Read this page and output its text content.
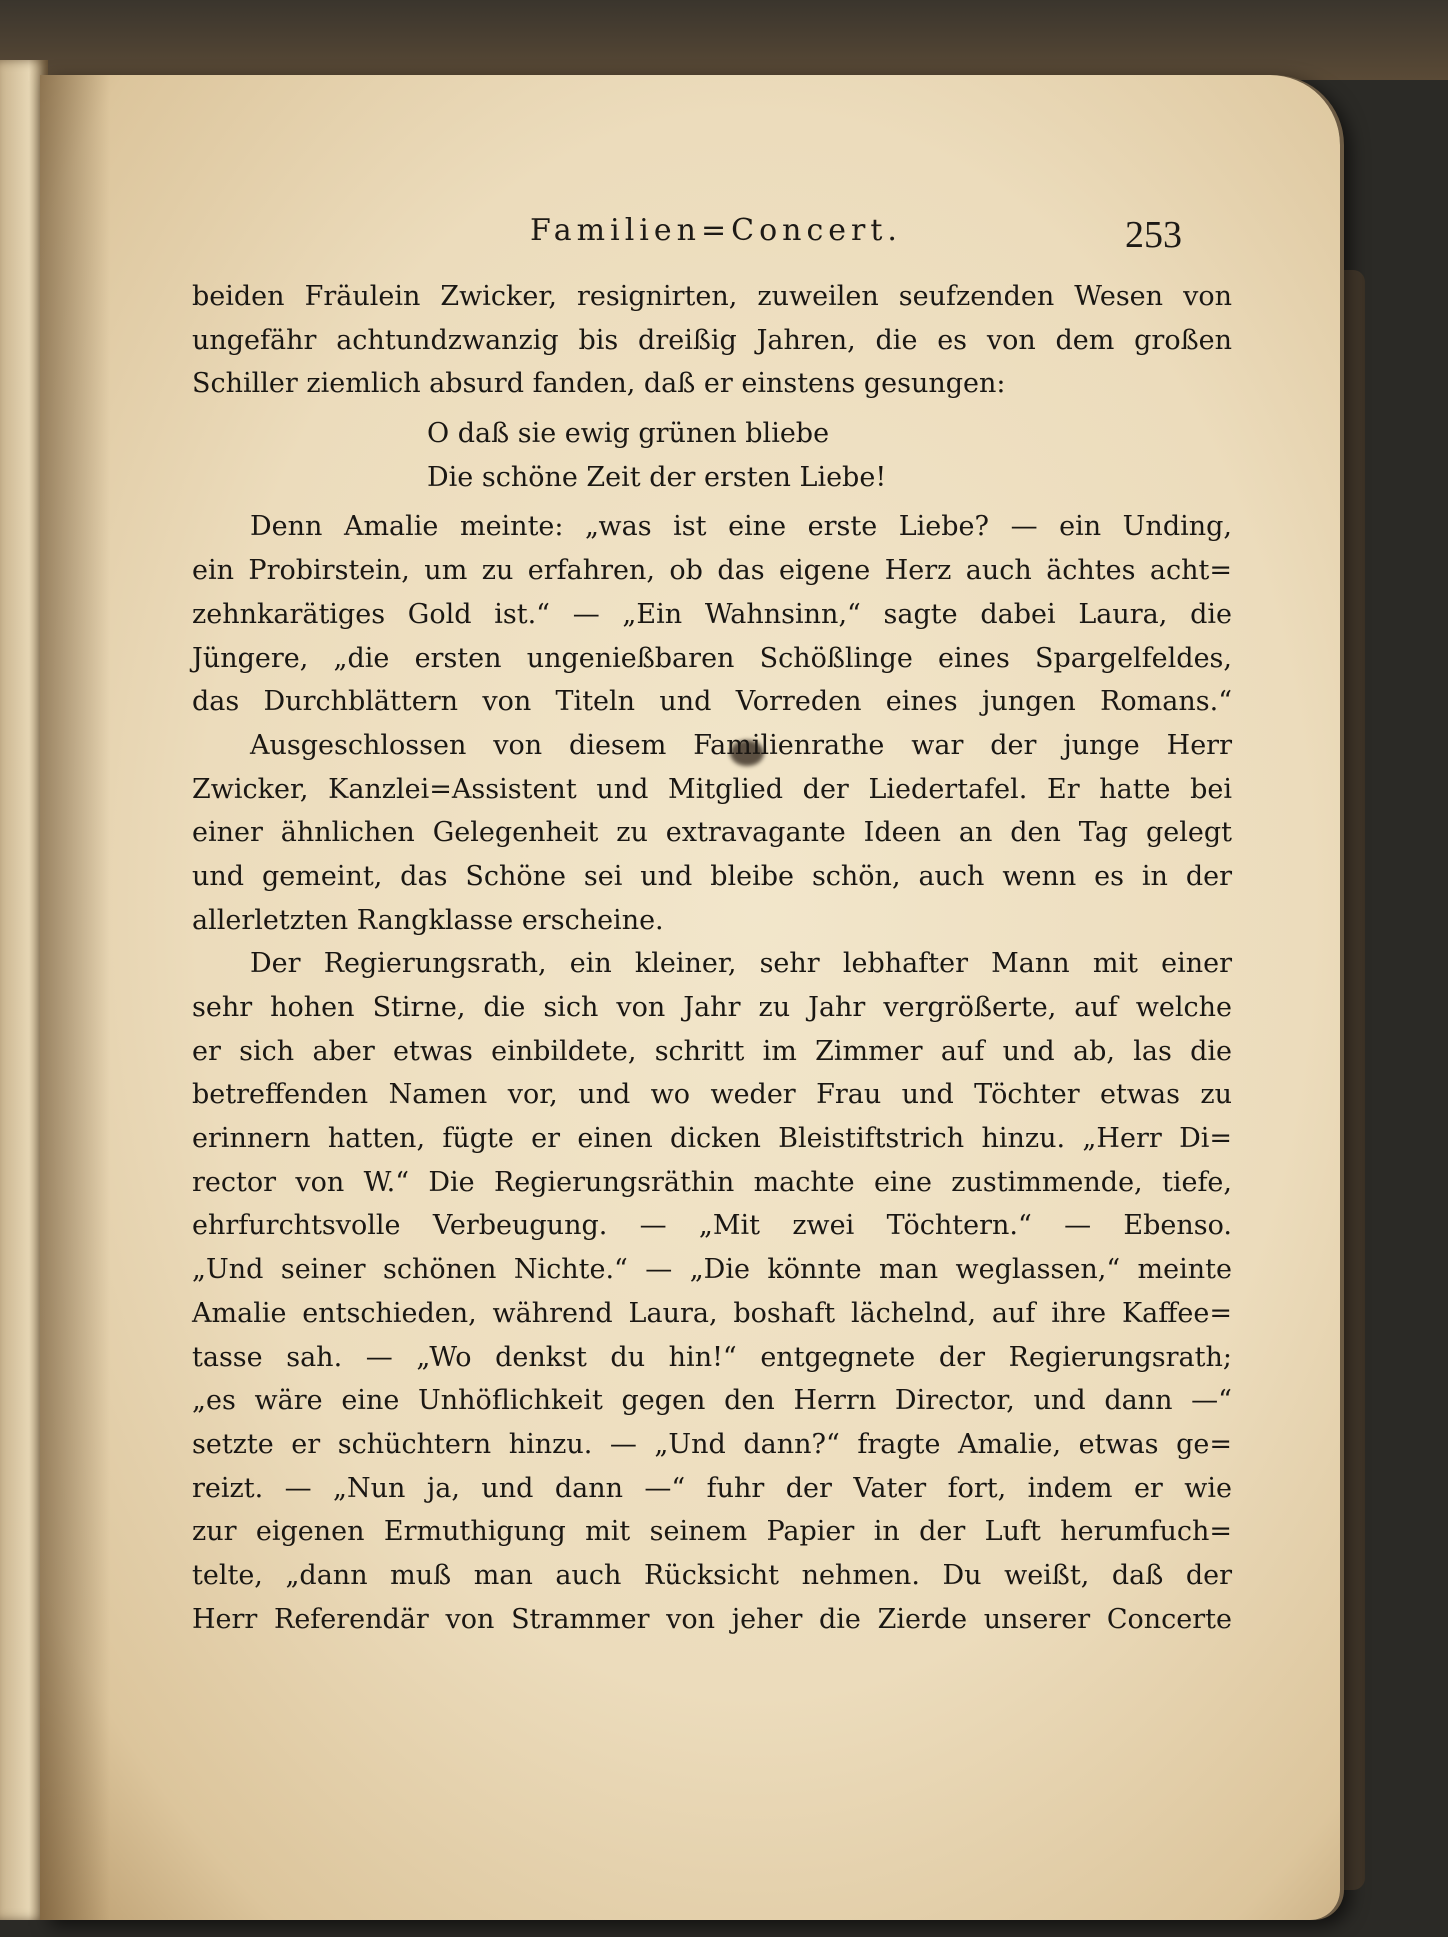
Familien=Concert.	253
beiden Fräulein Zwicker, resignirten, zuweilen seufzenden Wesen von
ungefähr achtundzwanzig bis dreißig Jahren, die es von dem großen
Schiller ziemlich absurd fanden, daß er einstens gesungen:
O daß sie ewig grünen bliebe
Die schöne Zeit der ersten Liebe!
Denn Amalie meinte: „was ist eine erste Liebe? — ein Unding,
ein Probirstein, um zu erfahren, ob das eigene Herz auch ächtes acht=
zehnkarätiges Gold ist.“ — „Ein Wahnsinn,“ sagte dabei Laura, die
Jüngere, „die ersten ungenießbaren Schößlinge eines Spargelfeldes,
das Durchblättern von Titeln und Vorreden eines jungen Romans.“
Ausgeschlossen von diesem Familienrathe war der junge Herr
Zwicker, Kanzlei=Assistent und Mitglied der Liedertafel. Er hatte bei
einer ähnlichen Gelegenheit zu extravagante Ideen an den Tag gelegt
und gemeint, das Schöne sei und bleibe schön, auch wenn es in der
allerletzten Rangklasse erscheine.
Der Regierungsrath, ein kleiner, sehr lebhafter Mann mit einer
sehr hohen Stirne, die sich von Jahr zu Jahr vergrößerte, auf welche
er sich aber etwas einbildete, schritt im Zimmer auf und ab, las die
betreffenden Namen vor, und wo weder Frau und Töchter etwas zu
erinnern hatten, fügte er einen dicken Bleistiftstrich hinzu. „Herr Di=
rector von W.“ Die Regierungsräthin machte eine zustimmende, tiefe,
ehrfurchtsvolle Verbeugung. — „Mit zwei Töchtern.“ — Ebenso.
„Und seiner schönen Nichte.“ — „Die könnte man weglassen,“ meinte
Amalie entschieden, während Laura, boshaft lächelnd, auf ihre Kaffee=
tasse sah. — „Wo denkst du hin!“ entgegnete der Regierungsrath;
„es wäre eine Unhöflichkeit gegen den Herrn Director, und dann —“
setzte er schüchtern hinzu. — „Und dann?“ fragte Amalie, etwas ge=
reizt. — „Nun ja, und dann —“ fuhr der Vater fort, indem er wie
zur eigenen Ermuthigung mit seinem Papier in der Luft herumfuch=
telte, „dann muß man auch Rücksicht nehmen. Du weißt, daß der
Herr Referendär von Strammer von jeher die Zierde unserer Concerte
